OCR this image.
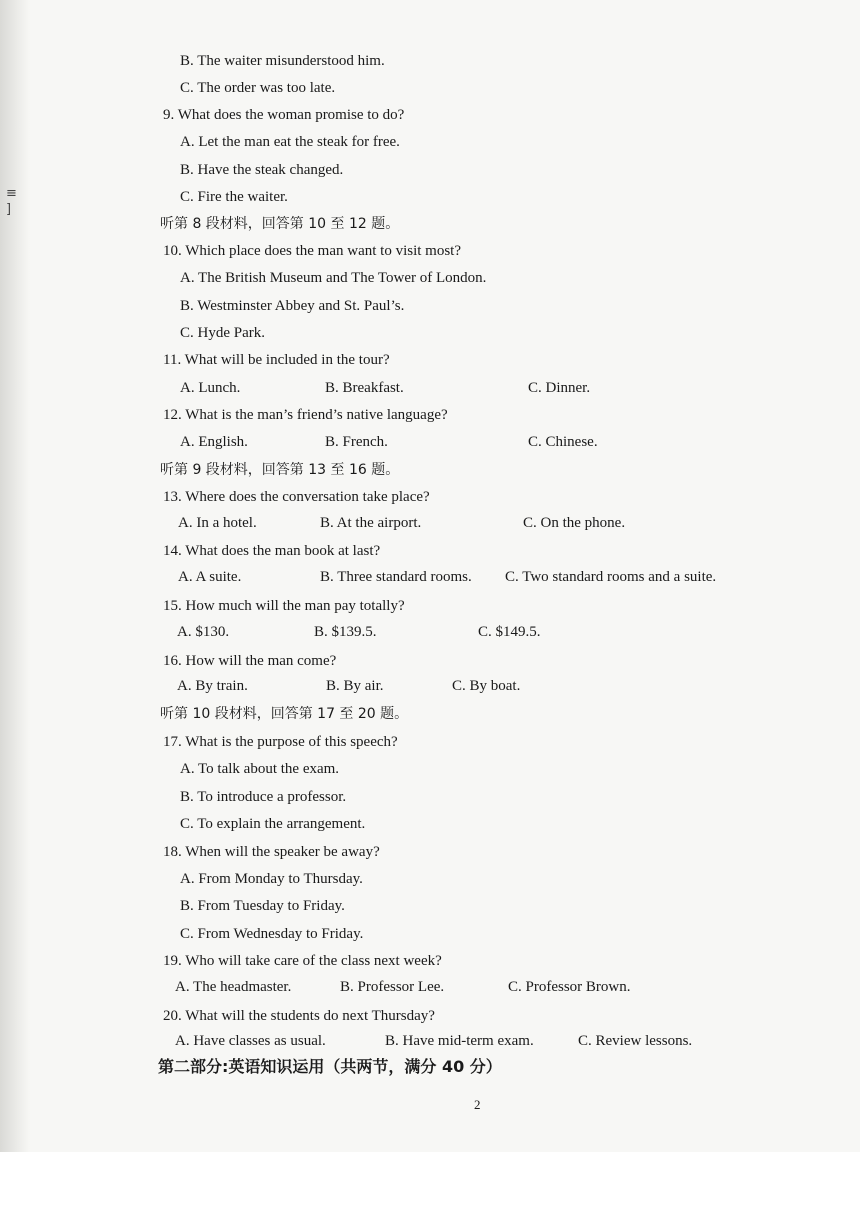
≡
]
B. The waiter misunderstood him.
C. The order was too late.
9. What does the woman promise to do?
A. Let the man eat the steak for free.
B. Have the steak changed.
C. Fire the waiter.
听第 8 段材料，回答第 10 至 12 题。
10. Which place does the man want to visit most?
A. The British Museum and The Tower of London.
B. Westminster Abbey and St. Paul’s.
C. Hyde Park.
11. What will be included in the tour?
A. Lunch.	B. Breakfast.	C. Dinner.
12. What is the man’s friend’s native language?
A. English.	B. French.	C. Chinese.
听第 9 段材料，回答第 13 至 16 题。
13. Where does the conversation take place?
A. In a hotel.	B. At the airport.	C. On the phone.
14. What does the man book at last?
A. A suite.	B. Three standard rooms. C. Two standard rooms and a suite.
15. How much will the man pay totally?
A. $130.	B. $139.5.	C. $149.5.
16. How will the man come?
A. By train.	B. By air.	C. By boat.
听第 10 段材料，回答第 17 至 20 题。
17. What is the purpose of this speech?
A. To talk about the exam.
B. To introduce a professor.
C. To explain the arrangement.
18. When will the speaker be away?
A. From Monday to Thursday.
B. From Tuesday to Friday.
C. From Wednesday to Friday.
19. Who will take care of the class next week?
A. The headmaster.	B. Professor Lee.	C. Professor Brown.
20. What will the students do next Thursday?
A. Have classes as usual.	B. Have mid-term exam.	C. Review lessons.
第二部分:英语知识运用（共两节，满分 40 分）
2
